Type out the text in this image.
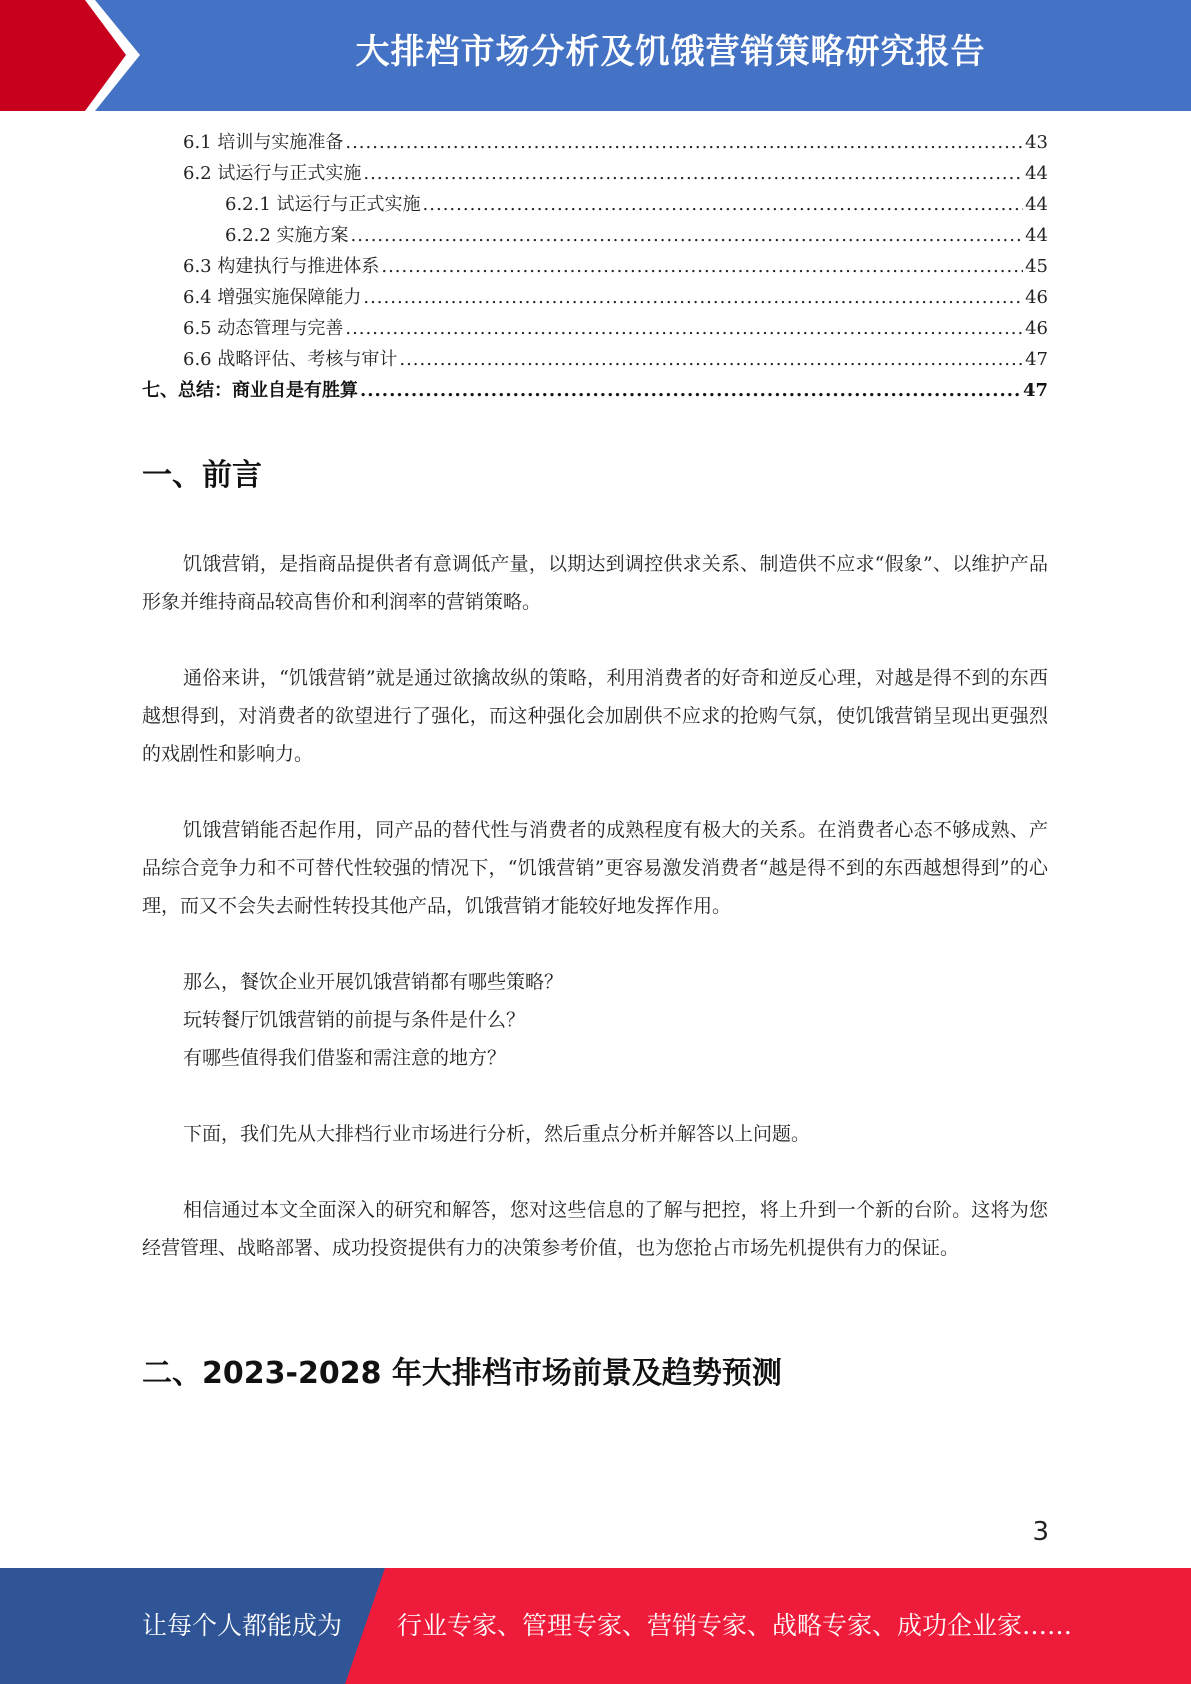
大排档市场分析及饥饿营销策略研究报告
6.1 培训与实施准备 .....	43
6.2 试运行与正式实施 .....	44
6.2.1 试运行与正式实施 .....	44
6.2.2 实施方案 .....	44
6.3 构建执行与推进体系 .....	45
6.4 增强实施保障能力 .....	46
6.5 动态管理与完善 .....	46
6.6 战略评估、考核与审计 .....	47
七、总结：商业自是有胜算 .....	47
一、前言
饥饿营销，是指商品提供者有意调低产量，以期达到调控供求关系、制造供不应求“假象”、以维护产品形象并维持商品较高售价和利润率的营销策略。
通俗来讲，“饥饿营销”就是通过欲擒故纵的策略，利用消费者的好奇和逆反心理，对越是得不到的东西越想得到，对消费者的欲望进行了强化，而这种强化会加剧供不应求的抢购气氛，使饥饿营销呈现出更强烈的戏剧性和影响力。
饥饿营销能否起作用，同产品的替代性与消费者的成熟程度有极大的关系。在消费者心态不够成熟、产品综合竞争力和不可替代性较强的情况下，“饥饿营销”更容易激发消费者“越是得不到的东西越想得到”的心理，而又不会失去耐性转投其他产品，饥饿营销才能较好地发挥作用。
那么，餐饮企业开展饥饿营销都有哪些策略？
玩转餐厅饥饿营销的前提与条件是什么？
有哪些值得我们借鉴和需注意的地方？
下面，我们先从大排档行业市场进行分析，然后重点分析并解答以上问题。
相信通过本文全面深入的研究和解答，您对这些信息的了解与把控，将上升到一个新的台阶。这将为您经营管理、战略部署、成功投资提供有力的决策参考价值，也为您抢占市场先机提供有力的保证。
二、2023-2028 年大排档市场前景及趋势预测
3
让每个人都能成为 行业专家、管理专家、营销专家、战略专家、成功企业家……
